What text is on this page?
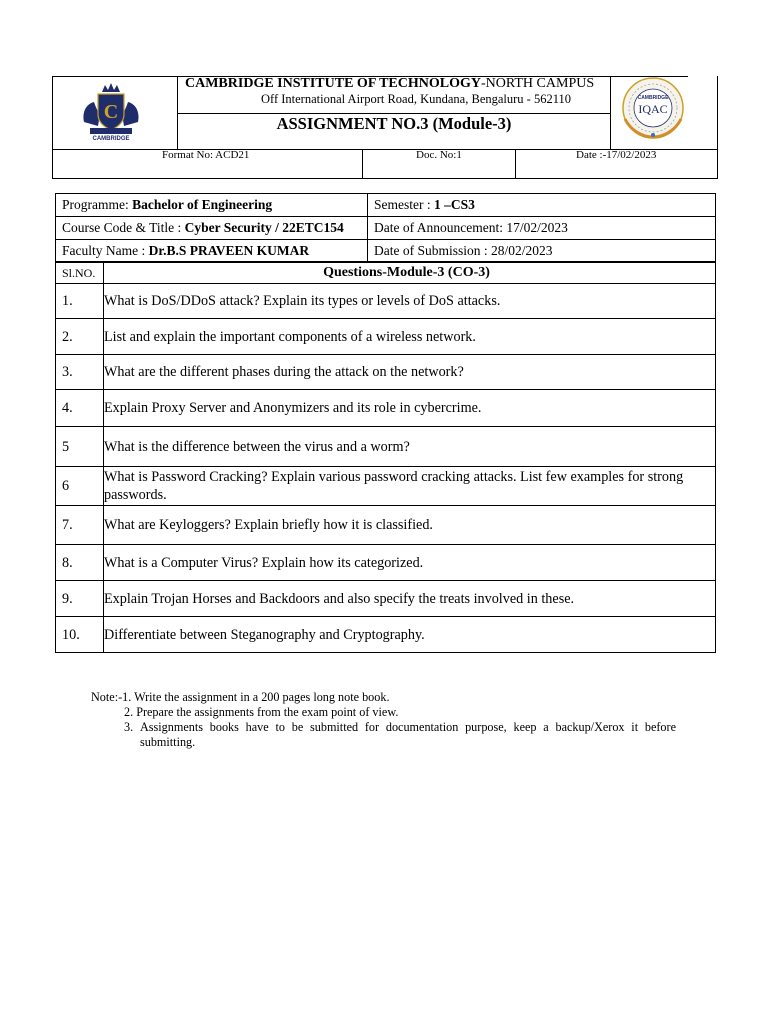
C
CAMBRIDGE
CAMBRIDGE INSTITUTE OF TECHNOLOGY-NORTH CAMPUS
Off International Airport Road, Kundana, Bengaluru - 562110
ASSIGNMENT NO.3 (Module-3)
CAMBRIDGE
IQAC
Format No: ACD21	Doc. No:1	Date :-17/02/2023
Programme: Bachelor of Engineering	Semester : 1 –CS3
Course Code & Title : Cyber Security / 22ETC154	Date of Announcement: 17/02/2023
Faculty Name : Dr.B.S PRAVEEN KUMAR	Date of Submission : 28/02/2023
Sl.NO.	Questions-Module-3 (CO-3)
1.	What is DoS/DDoS attack? Explain its types or levels of DoS attacks.
2.	List and explain the important components of a wireless network.
3.	What are the different phases during the attack on the network?
4.	Explain Proxy Server and Anonymizers and its role in cybercrime.
5	What is the difference between the virus and a worm?
6	What is Password Cracking? Explain various password cracking attacks. List few examples for strong passwords.
7.	What are Keyloggers? Explain briefly how it is classified.
8.	What is a Computer Virus? Explain how its categorized.
9.	Explain Trojan Horses and Backdoors and also specify the treats involved in these.
10.	Differentiate between Steganography and Cryptography.
Note:-1. Write the assignment in a 200 pages long note book.
2. Prepare the assignments from the exam point of view.
3. Assignments books have to be submitted for documentation purpose, keep a backup/Xerox it before submitting.
